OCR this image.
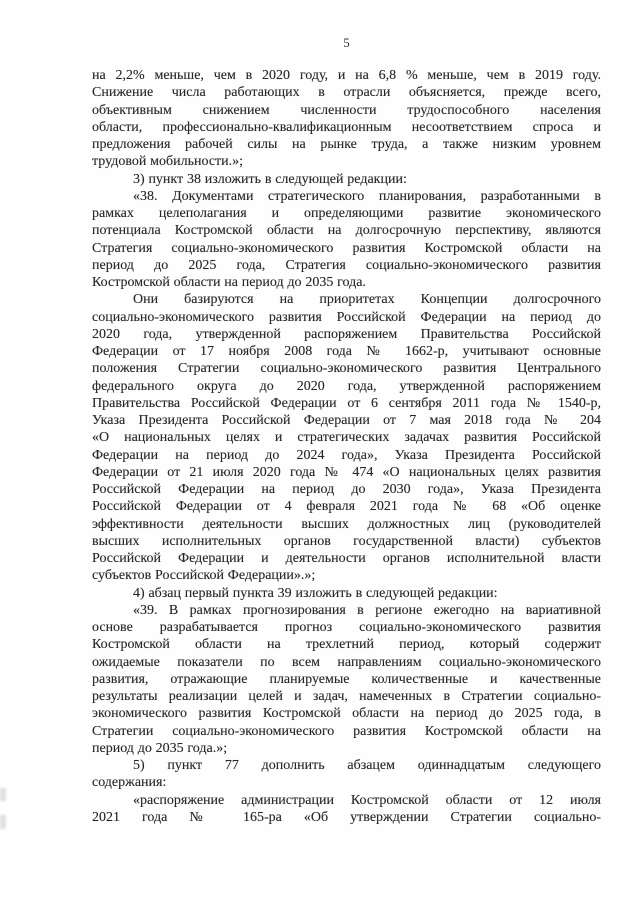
5
на 2,2% меньше, чем в 2020 году, и на 6,8 % меньше, чем в 2019 году.
Снижение числа работающих в отрасли объясняется, прежде всего,
объективным снижением численности трудоспособного населения
области, профессионально-квалификационным несоответствием спроса и
предложения рабочей силы на рынке труда, а также низким уровнем
трудовой мобильности.»;
3) пункт 38 изложить в следующей редакции:
«38. Документами стратегического планирования, разработанными в
рамках целеполагания и определяющими развитие экономического
потенциала Костромской области на долгосрочную перспективу, являются
Стратегия социально-экономического развития Костромской области на
период до 2025 года, Стратегия социально-экономического развития
Костромской области на период до 2035 года.
Они базируются на приоритетах Концепции долгосрочного
социально-экономического развития Российской Федерации на период до
2020 года, утвержденной распоряжением Правительства Российской
Федерации от 17 ноября 2008 года № 1662-р, учитывают основные
положения Стратегии социально-экономического развития Центрального
федерального округа до 2020 года, утвержденной распоряжением
Правительства Российской Федерации от 6 сентября 2011 года № 1540-р,
Указа Президента Российской Федерации от 7 мая 2018 года № 204
«О национальных целях и стратегических задачах развития Российской
Федерации на период до 2024 года», Указа Президента Российской
Федерации от 21 июля 2020 года № 474 «О национальных целях развития
Российской Федерации на период до 2030 года», Указа Президента
Российской Федерации от 4 февраля 2021 года № 68 «Об оценке
эффективности деятельности высших должностных лиц (руководителей
высших исполнительных органов государственной власти) субъектов
Российской Федерации и деятельности органов исполнительной власти
субъектов Российской Федерации».»;
4) абзац первый пункта 39 изложить в следующей редакции:
«39. В рамках прогнозирования в регионе ежегодно на вариативной
основе разрабатывается прогноз социально-экономического развития
Костромской области на трехлетний период, который содержит
ожидаемые показатели по всем направлениям социально-экономического
развития, отражающие планируемые количественные и качественные
результаты реализации целей и задач, намеченных в Стратегии социально-
экономического развития Костромской области на период до 2025 года, в
Стратегии социально-экономического развития Костромской области на
период до 2035 года.»;
5) пункт 77 дополнить абзацем одиннадцатым следующего
содержания:
«распоряжение администрации Костромской области от 12 июля
2021 года № 165-ра «Об утверждении Стратегии социально-
